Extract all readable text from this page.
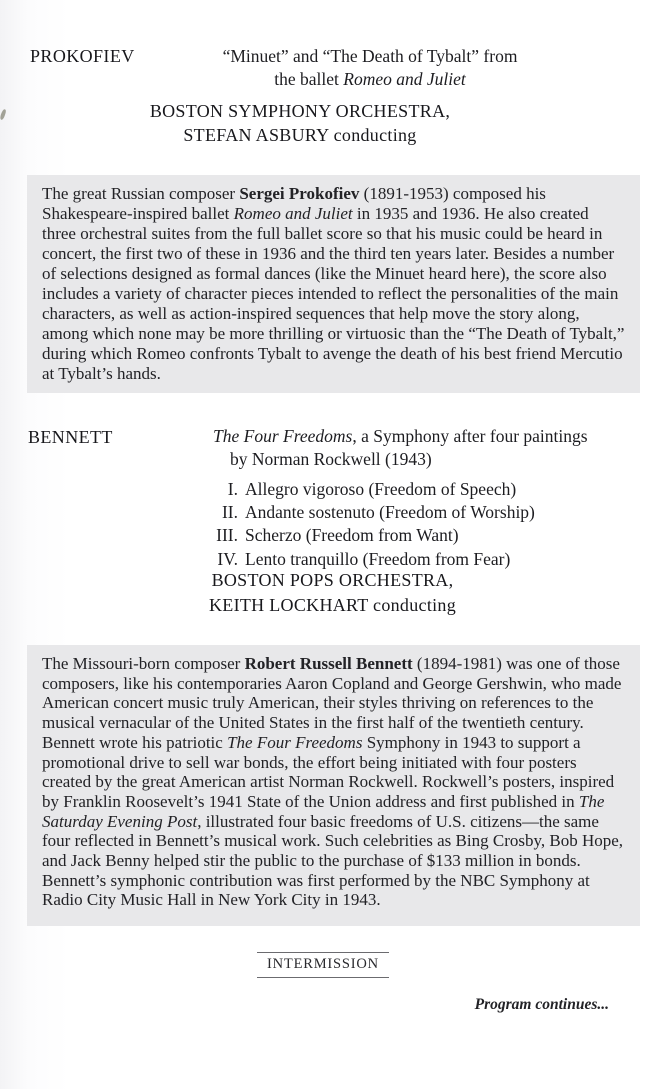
PROKOFIEV	“Minuet” and “The Death of Tybalt” from
the ballet Romeo and Juliet
BOSTON SYMPHONY ORCHESTRA,
STEFAN ASBURY conducting
The great Russian composer Sergei Prokofiev (1891-1953) composed his Shakespeare-inspired ballet Romeo and Juliet in 1935 and 1936. He also created three orchestral suites from the full ballet score so that his music could be heard in concert, the first two of these in 1936 and the third ten years later. Besides a number of selections designed as formal dances (like the Minuet heard here), the score also includes a variety of character pieces intended to reflect the personalities of the main characters, as well as action-inspired sequences that help move the story along, among which none may be more thrilling or virtuosic than the “The Death of Tybalt,” during which Romeo confronts Tybalt to avenge the death of his best friend Mercutio at Tybalt’s hands.
BENNETT	The Four Freedoms, a Symphony after four paintings
by Norman Rockwell (1943)
I. Allegro vigoroso (Freedom of Speech)
II. Andante sostenuto (Freedom of Worship)
III. Scherzo (Freedom from Want)
IV. Lento tranquillo (Freedom from Fear)
BOSTON POPS ORCHESTRA,
KEITH LOCKHART conducting
The Missouri-born composer Robert Russell Bennett (1894-1981) was one of those composers, like his contemporaries Aaron Copland and George Gershwin, who made American concert music truly American, their styles thriving on references to the musical vernacular of the United States in the first half of the twentieth century. Bennett wrote his patriotic The Four Freedoms Symphony in 1943 to support a promotional drive to sell war bonds, the effort being initiated with four posters created by the great American artist Norman Rockwell. Rockwell’s posters, inspired by Franklin Roosevelt’s 1941 State of the Union address and first published in The Saturday Evening Post, illustrated four basic freedoms of U.S. citizens—the same four reflected in Bennett’s musical work. Such celebrities as Bing Crosby, Bob Hope, and Jack Benny helped stir the public to the purchase of $133 million in bonds. Bennett’s symphonic contribution was first performed by the NBC Symphony at Radio City Music Hall in New York City in 1943.
INTERMISSION
Program continues...
